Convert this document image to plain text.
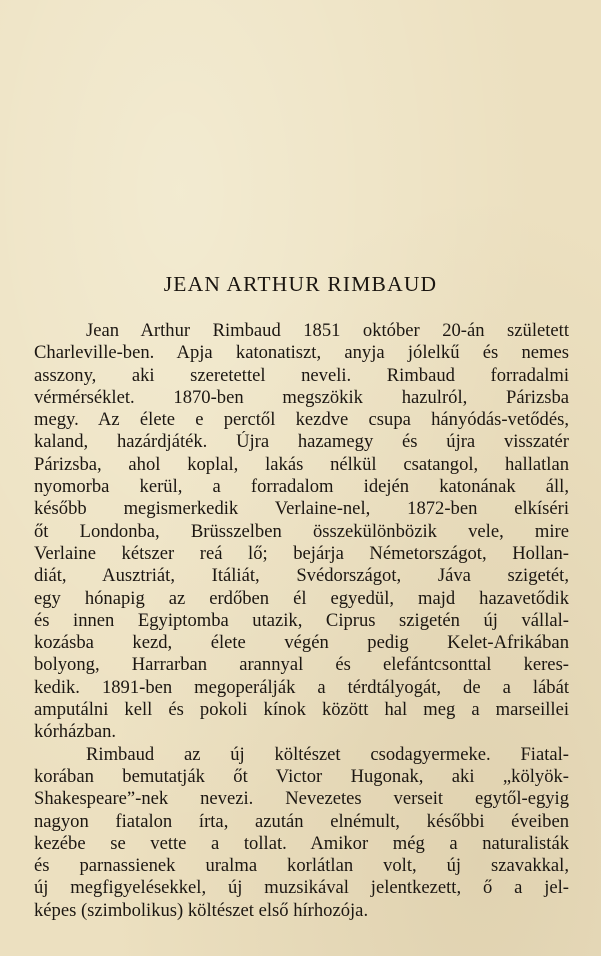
JEAN ARTHUR RIMBAUD
Jean Arthur Rimbaud 1851 október 20-án született
Charleville-ben. Apja katonatiszt, anyja jólelkű és nemes
asszony, aki szeretettel neveli. Rimbaud forradalmi
vérmérséklet. 1870-ben megszökik hazulról, Párizsba
megy. Az élete e perctől kezdve csupa hányódás-vetődés,
kaland, hazárdjáték. Újra hazamegy és újra visszatér
Párizsba, ahol koplal, lakás nélkül csatangol, hallatlan
nyomorba kerül, a forradalom idején katonának áll,
később megismerkedik Verlaine-nel, 1872-ben elkíséri
őt Londonba, Brüsszelben összekülönbözik vele, mire
Verlaine kétszer reá lő; bejárja Németországot, Hollan-
diát, Ausztriát, Itáliát, Svédországot, Jáva szigetét,
egy hónapig az erdőben él egyedül, majd hazavetődik
és innen Egyiptomba utazik, Ciprus szigetén új vállal-
kozásba kezd, élete végén pedig Kelet-Afrikában
bolyong, Harrarban arannyal és elefántcsonttal keres-
kedik. 1891-ben megoperálják a térdtályogát, de a lábát
amputálni kell és pokoli kínok között hal meg a marseillei
kórházban.
Rimbaud az új költészet csodagyermeke. Fiatal-
korában bemutatják őt Victor Hugonak, aki „kölyök-
Shakespeare”-nek nevezi. Nevezetes verseit egytől-egyig
nagyon fiatalon írta, azután elnémult, későbbi éveiben
kezébe se vette a tollat. Amikor még a naturalisták
és parnassienek uralma korlátlan volt, új szavakkal,
új megfigyelésekkel, új muzsikával jelentkezett, ő a jel-
képes (szimbolikus) költészet első hírhozója.
